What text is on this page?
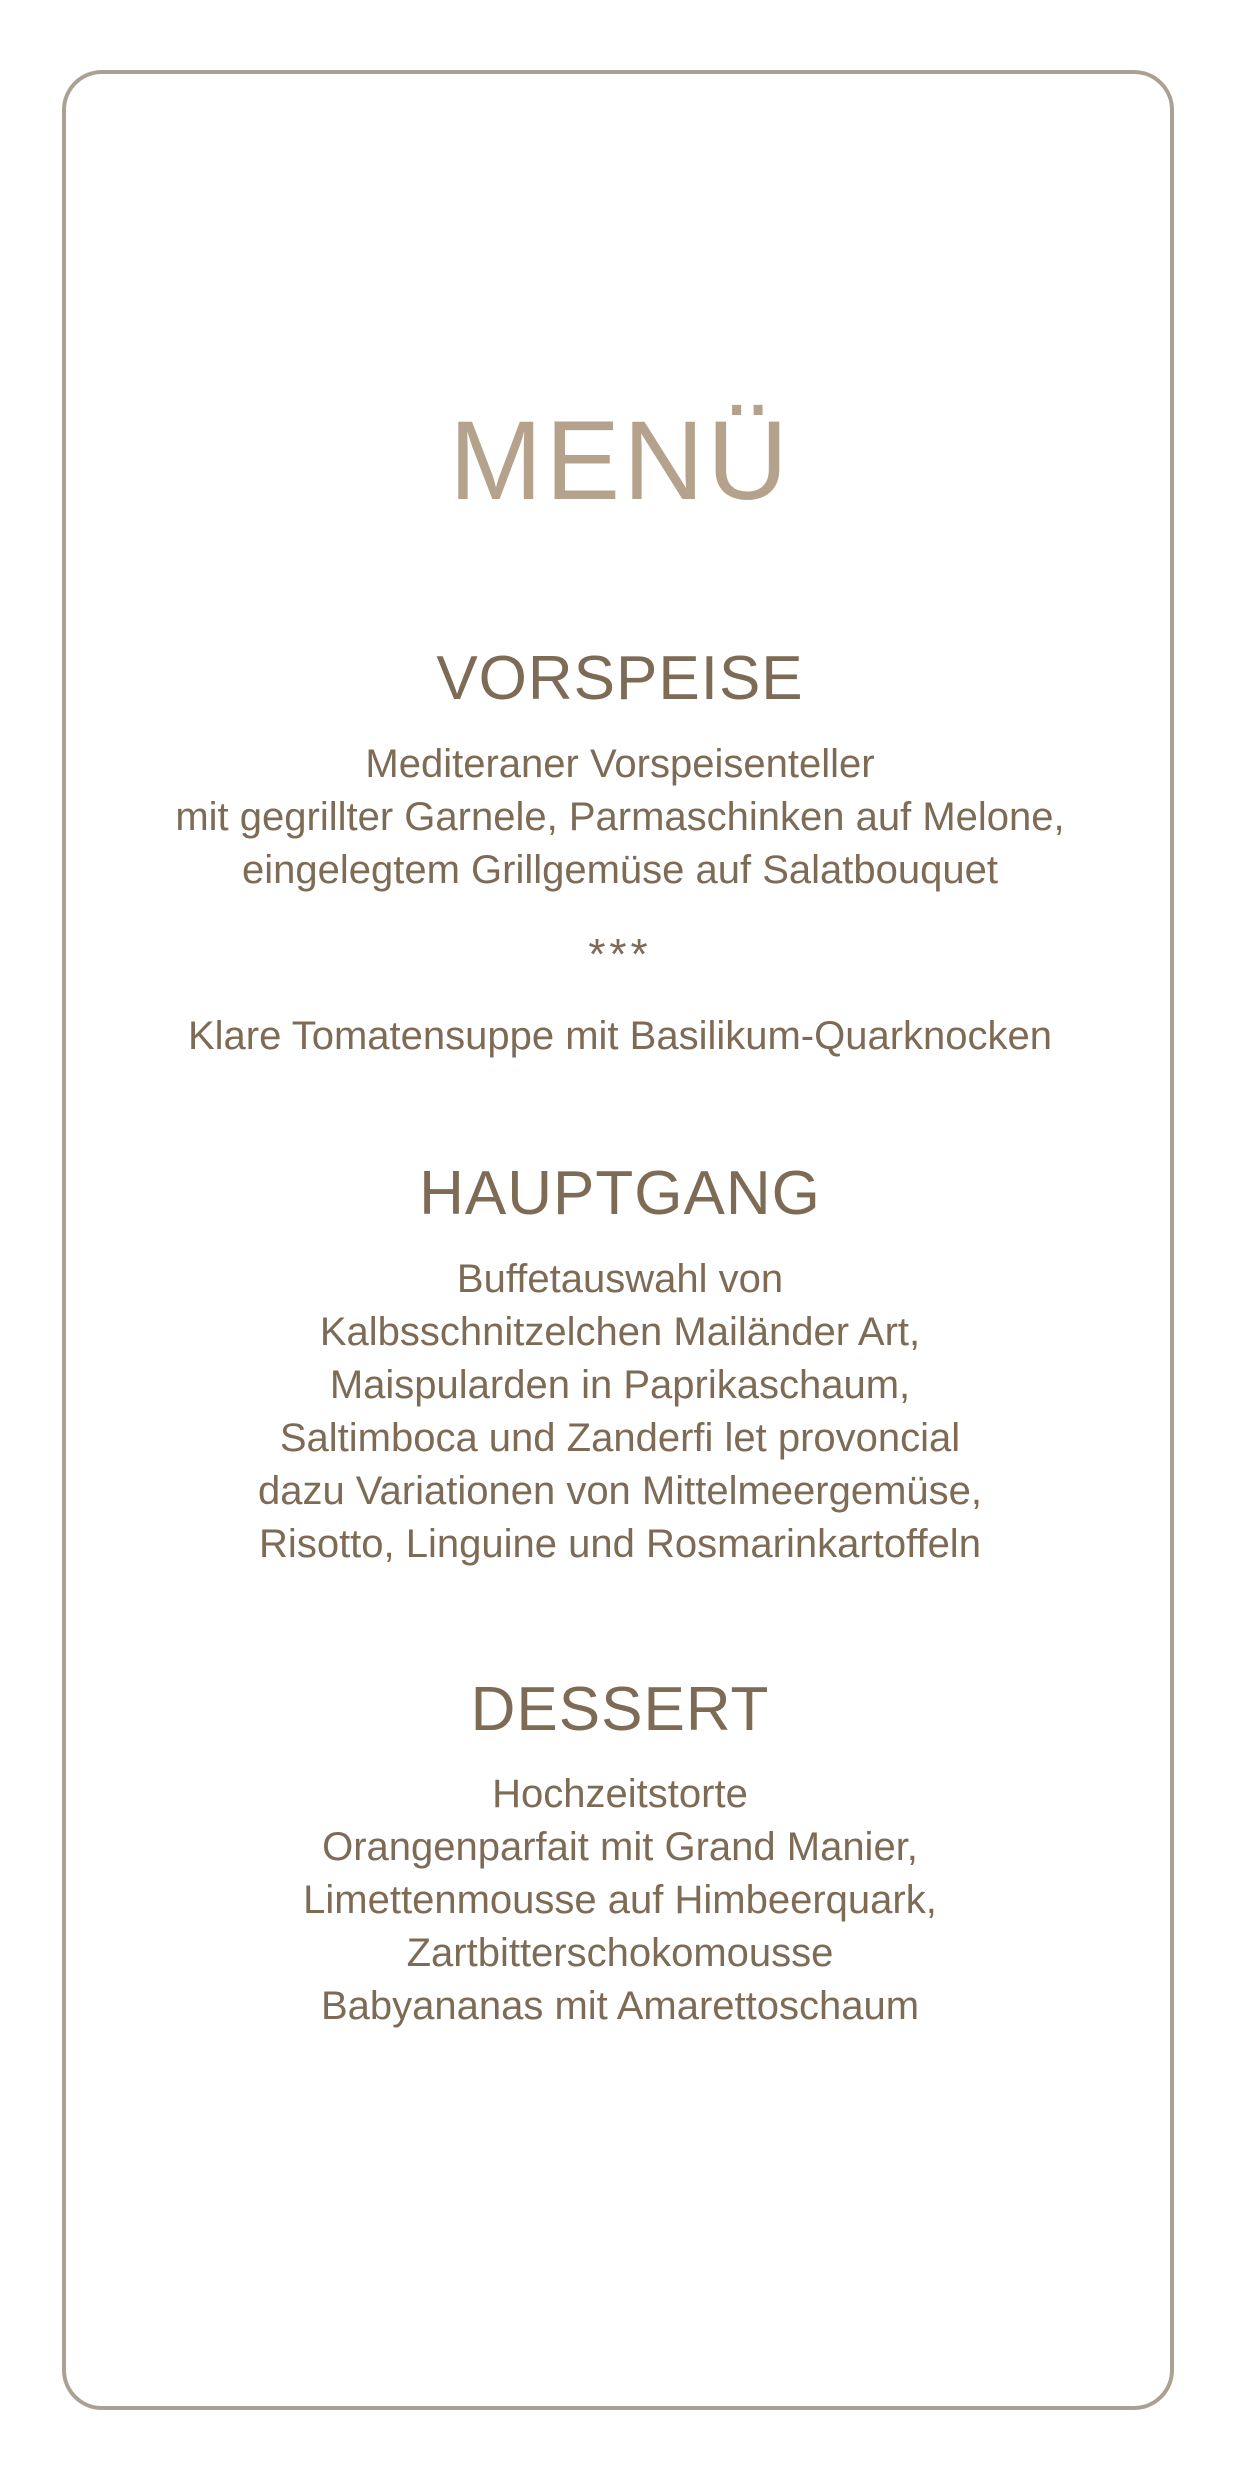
MENÜ
VORSPEISE
Mediteraner Vorspeisenteller
mit gegrillter Garnele, Parmaschinken auf Melone,
eingelegtem Grillgemüse auf Salatbouquet
***
Klare Tomatensuppe mit Basilikum-Quarknocken
HAUPTGANG
Buffetauswahl von
Kalbsschnitzelchen Mailänder Art,
Maispularden in Paprikaschaum,
Saltimboca und Zanderfi let provoncial
dazu Variationen von Mittelmeergemüse,
Risotto, Linguine und Rosmarinkartoffeln
DESSERT
Hochzeitstorte
Orangenparfait mit Grand Manier,
Limettenmousse auf Himbeerquark,
Zartbitterschokomousse
Babyananas mit Amarettoschaum
